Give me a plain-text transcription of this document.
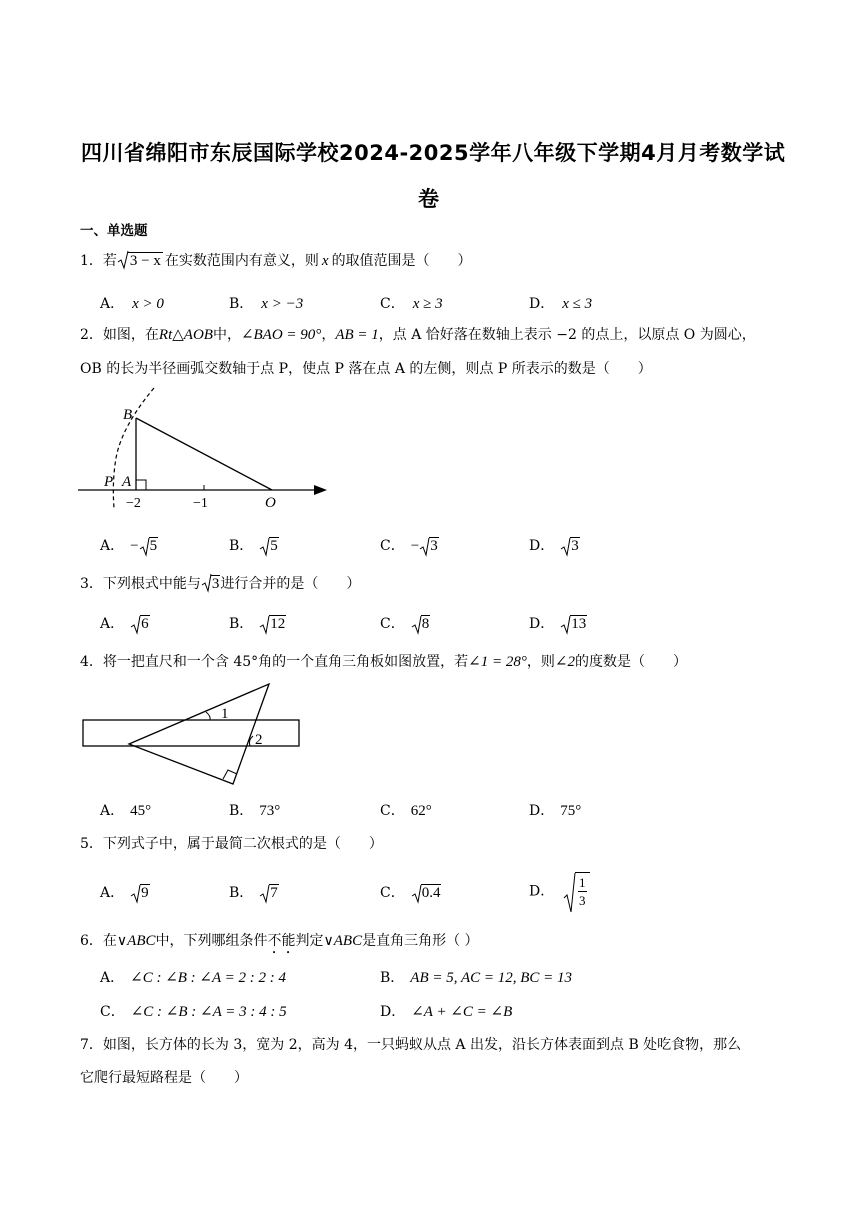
四川省绵阳市东辰国际学校2024-2025学年八年级下学期4月月考数学试
卷
一、单选题
1．若 3 − x 在实数范围内有意义，则 x 的取值范围是（　　）
A． x > 0	B． x > −3	C． x ≥ 3	D． x ≤ 3
2．如图，在Rt△AOB中，∠BAO = 90°，AB = 1，点 A 恰好落在数轴上表示 −2 的点上，以原点 O 为圆心，
OB 的长为半径画弧交数轴于点 P，使点 P 落在点 A 的左侧，则点 P 所表示的数是（　　）
B
P A
O
−2	−1
A． − 5	B． 5	C． − 3	D． 3
3．下列根式中能与 3进行合并的是（　　）
A． 6	B． 12	C． 8	D． 13
4．将一把直尺和一个含 45°角的一个直角三角板如图放置，若∠1 = 28°，则∠2的度数是（　　）
1
2
A． 45°	B． 73°	C． 62°	D． 75°
5．下列式子中，属于最简二次根式的是（　　）
A． 9	B． 7	C． 0.4	D． $\frac{1}{3}$
6．在∨ABC中，下列哪组条件不能判定∨ABC是直角三角形（ ）
A． ∠C : ∠B : ∠A = 2 : 2 : 4	B． AB = 5, AC = 12, BC = 13
C． ∠C : ∠B : ∠A = 3 : 4 : 5	D． ∠A + ∠C = ∠B
7．如图，长方体的长为 3，宽为 2，高为 4，一只蚂蚁从点 A 出发，沿长方体表面到点 B 处吃食物，那么
它爬行最短路程是（　　）
